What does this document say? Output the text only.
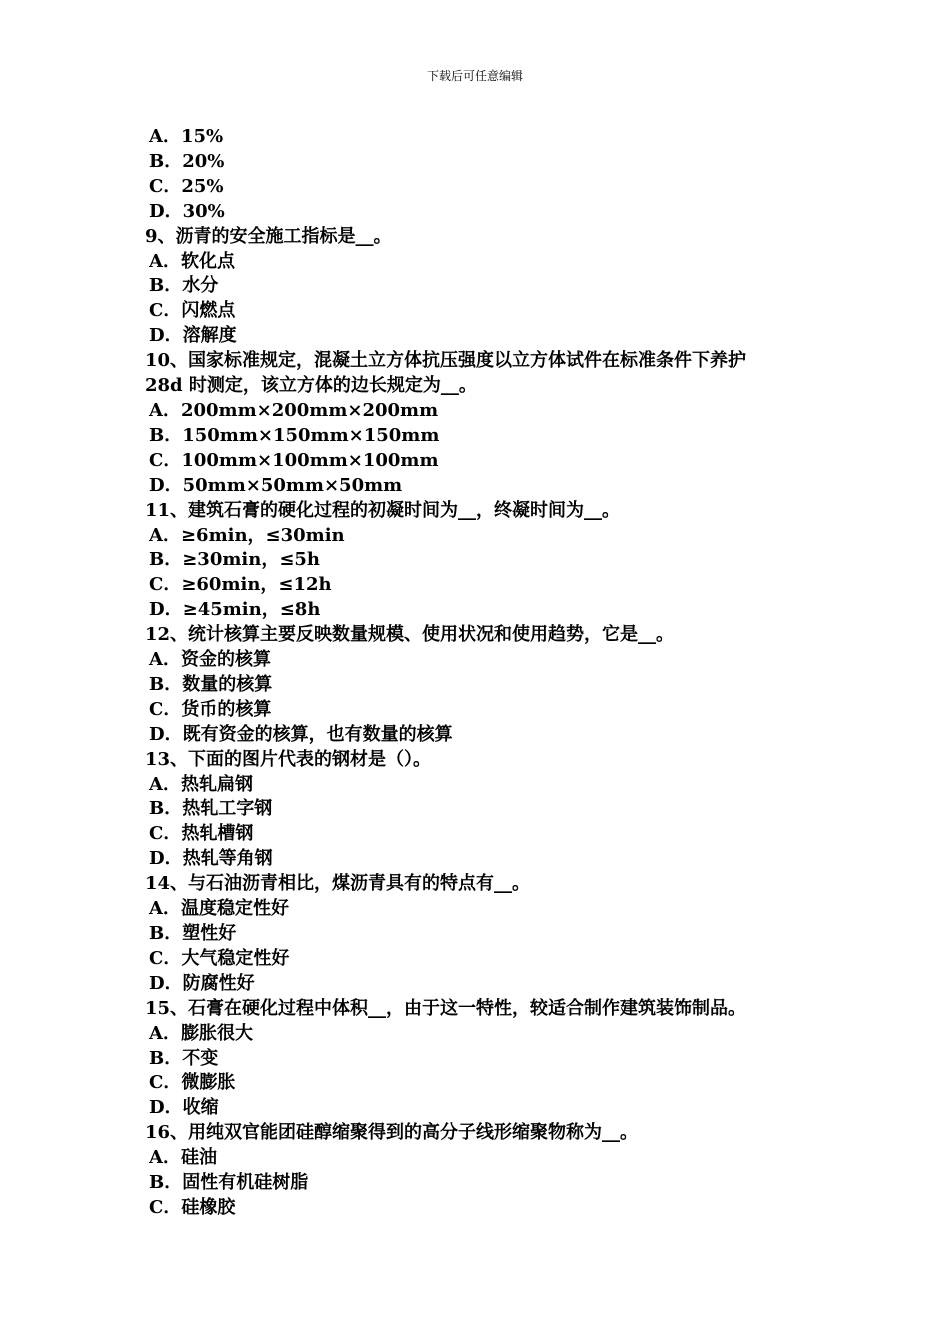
下载后可任意编辑
A．15%
B．20%
C．25%
D．30%
9、沥青的安全施工指标是__。
A．软化点
B．水分
C．闪燃点
D．溶解度
10、国家标准规定，混凝土立方体抗压强度以立方体试件在标准条件下养护
28d 时测定，该立方体的边长规定为__。
A．200mm×200mm×200mm
B．150mm×150mm×150mm
C．100mm×100mm×100mm
D．50mm×50mm×50mm
11、建筑石膏的硬化过程的初凝时间为__，终凝时间为__。
A．≥6min，≤30min
B．≥30min，≤5h
C．≥60min，≤12h
D．≥45min，≤8h
12、统计核算主要反映数量规模、使用状况和使用趋势，它是__。
A．资金的核算
B．数量的核算
C．货币的核算
D．既有资金的核算，也有数量的核算
13、下面的图片代表的钢材是（）。
A．热轧扁钢
B．热轧工字钢
C．热轧槽钢
D．热轧等角钢
14、与石油沥青相比，煤沥青具有的特点有__。
A．温度稳定性好
B．塑性好
C．大气稳定性好
D．防腐性好
15、石膏在硬化过程中体积__，由于这一特性，较适合制作建筑装饰制品。
A．膨胀很大
B．不变
C．微膨胀
D．收缩
16、用纯双官能团硅醇缩聚得到的高分子线形缩聚物称为__。
A．硅油
B．固性有机硅树脂
C．硅橡胶
